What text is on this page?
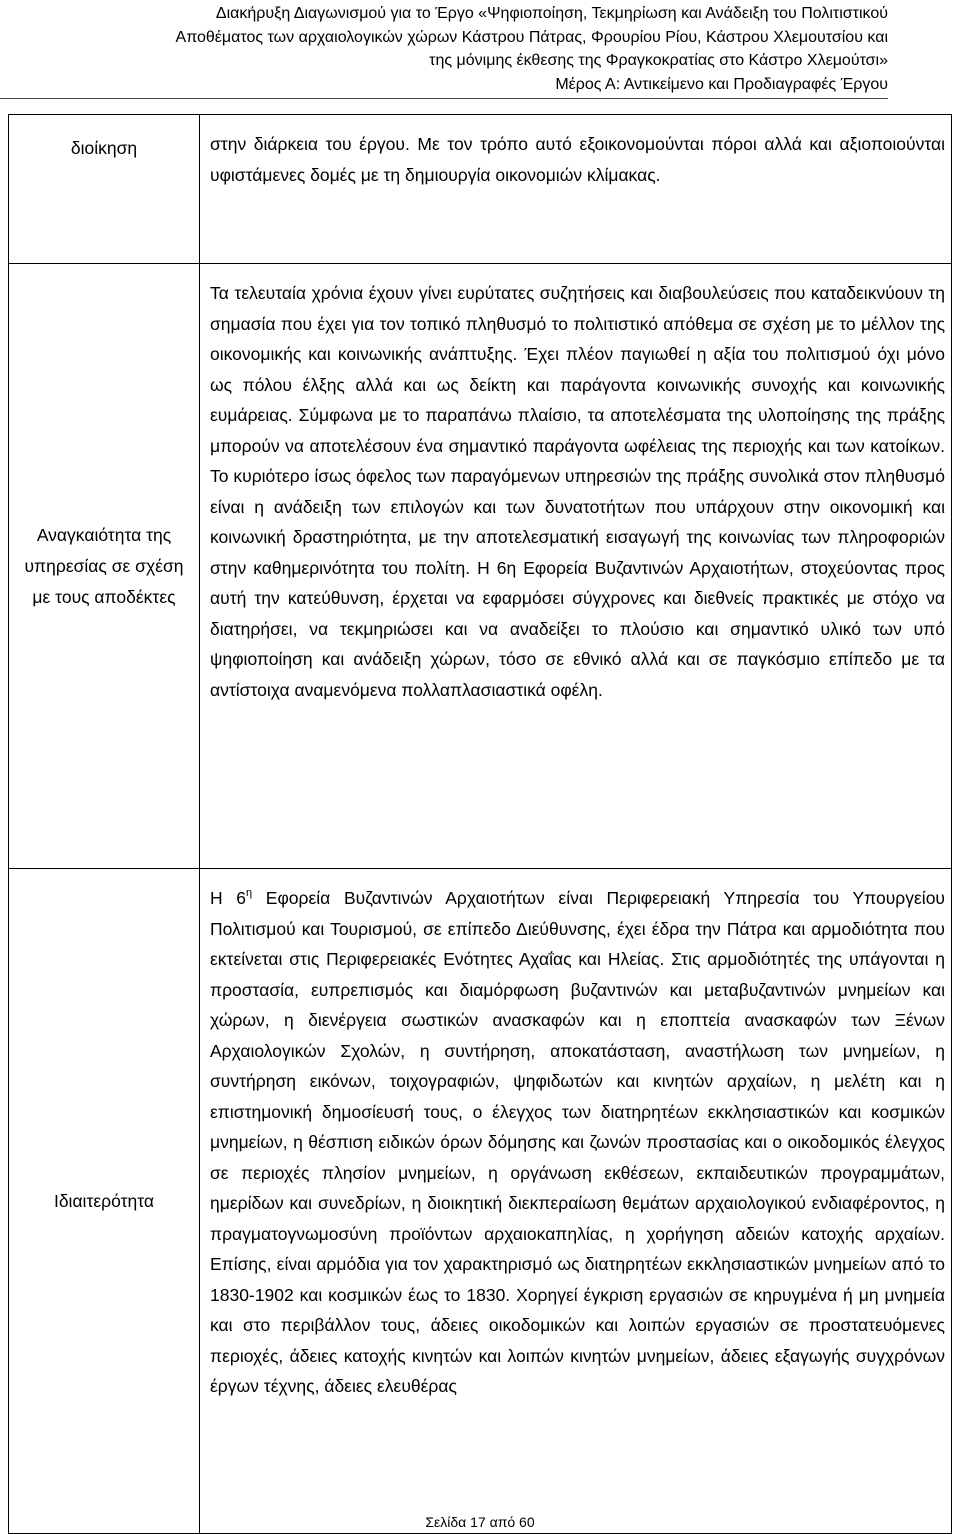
Διακήρυξη Διαγωνισμού για το Έργο «Ψηφιοποίηση, Τεκμηρίωση και Ανάδειξη του Πολιτιστικού
Αποθέματος των αρχαιολογικών χώρων Κάστρου Πάτρας, Φρουρίου Ρίου, Κάστρου Χλεμουτσίου και
της μόνιμης έκθεσης της Φραγκοκρατίας στο Κάστρο Χλεμούτσι»
Μέρος Α: Αντικείμενο και Προδιαγραφές Έργου
διοίκηση	στην διάρκεια του έργου. Με τον τρόπο αυτό εξοικονομούνται πόροι αλλά και αξιοποιούνται υφιστάμενες δομές με τη δημιουργία οικονομιών κλίμακας.
Αναγκαιότητα της υπηρεσίας σε σχέση με τους αποδέκτες	Τα τελευταία χρόνια έχουν γίνει ευρύτατες συζητήσεις και διαβουλεύσεις που καταδεικνύουν τη σημασία που έχει για τον τοπικό πληθυσμό το πολιτιστικό απόθεμα σε σχέση με το μέλλον της οικονομικής και κοινωνικής ανάπτυξης. Έχει πλέον παγιωθεί η αξία του πολιτισμού όχι μόνο ως πόλου έλξης αλλά και ως δείκτη και παράγοντα κοινωνικής συνοχής και κοινωνικής ευμάρειας. Σύμφωνα με το παραπάνω πλαίσιο, τα αποτελέσματα της υλοποίησης της πράξης μπορούν να αποτελέσουν ένα σημαντικό παράγοντα ωφέλειας της περιοχής και των κατοίκων. Το κυριότερο ίσως όφελος των παραγόμενων υπηρεσιών της πράξης συνολικά στον πληθυσμό είναι η ανάδειξη των επιλογών και των δυνατοτήτων που υπάρχουν στην οικονομική και κοινωνική δραστηριότητα, με την αποτελεσματική εισαγωγή της κοινωνίας των πληροφοριών στην καθημερινότητα του πολίτη. Η 6η Εφορεία Βυζαντινών Αρχαιοτήτων, στοχεύοντας προς αυτή την κατεύθυνση, έρχεται να εφαρμόσει σύγχρονες και διεθνείς πρακτικές με στόχο να διατηρήσει, να τεκμηριώσει και να αναδείξει το πλούσιο και σημαντικό υλικό των υπό ψηφιοποίηση και ανάδειξη χώρων, τόσο σε εθνικό αλλά και σε παγκόσμιο επίπεδο με τα αντίστοιχα αναμενόμενα πολλαπλασιαστικά οφέλη.
Ιδιαιτερότητα	Η $6^\eta$ Εφορεία Βυζαντινών Αρχαιοτήτων είναι Περιφερειακή Υπηρεσία του Υπουργείου Πολιτισμού και Τουρισμού, σε επίπεδο Διεύθυνσης, έχει έδρα την Πάτρα και αρμοδιότητα που εκτείνεται στις Περιφερειακές Ενότητες Αχαΐας και Ηλείας. Στις αρμοδιότητές της υπάγονται η προστασία, ευπρεπισμός και διαμόρφωση βυζαντινών και μεταβυζαντινών μνημείων και χώρων, η διενέργεια σωστικών ανασκαφών και η εποπτεία ανασκαφών των Ξένων Αρχαιολογικών Σχολών, η συντήρηση, αποκατάσταση, αναστήλωση των μνημείων, η συντήρηση εικόνων, τοιχογραφιών, ψηφιδωτών και κινητών αρχαίων, η μελέτη και η επιστημονική δημοσίευσή τους, ο έλεγχος των διατηρητέων εκκλησιαστικών και κοσμικών μνημείων, η θέσπιση ειδικών όρων δόμησης και ζωνών προστασίας και ο οικοδομικός έλεγχος σε περιοχές πλησίον μνημείων, η οργάνωση εκθέσεων, εκπαιδευτικών προγραμμάτων, ημερίδων και συνεδρίων, η διοικητική διεκπεραίωση θεμάτων αρχαιολογικού ενδιαφέροντος, η πραγματογνωμοσύνη προϊόντων αρχαιοκαπηλίας, η χορήγηση αδειών κατοχής αρχαίων. Επίσης, είναι αρμόδια για τον χαρακτηρισμό ως διατηρητέων εκκλησιαστικών μνημείων από το 1830-1902 και κοσμικών έως το 1830. Χορηγεί έγκριση εργασιών σε κηρυγμένα ή μη μνημεία και στο περιβάλλον τους, άδειες οικοδομικών και λοιπών εργασιών σε προστατευόμενες περιοχές, άδειες κατοχής κινητών και λοιπών κινητών μνημείων, άδειες εξαγωγής συγχρόνων έργων τέχνης, άδειες ελευθέρας
Σελίδα 17 από 60
